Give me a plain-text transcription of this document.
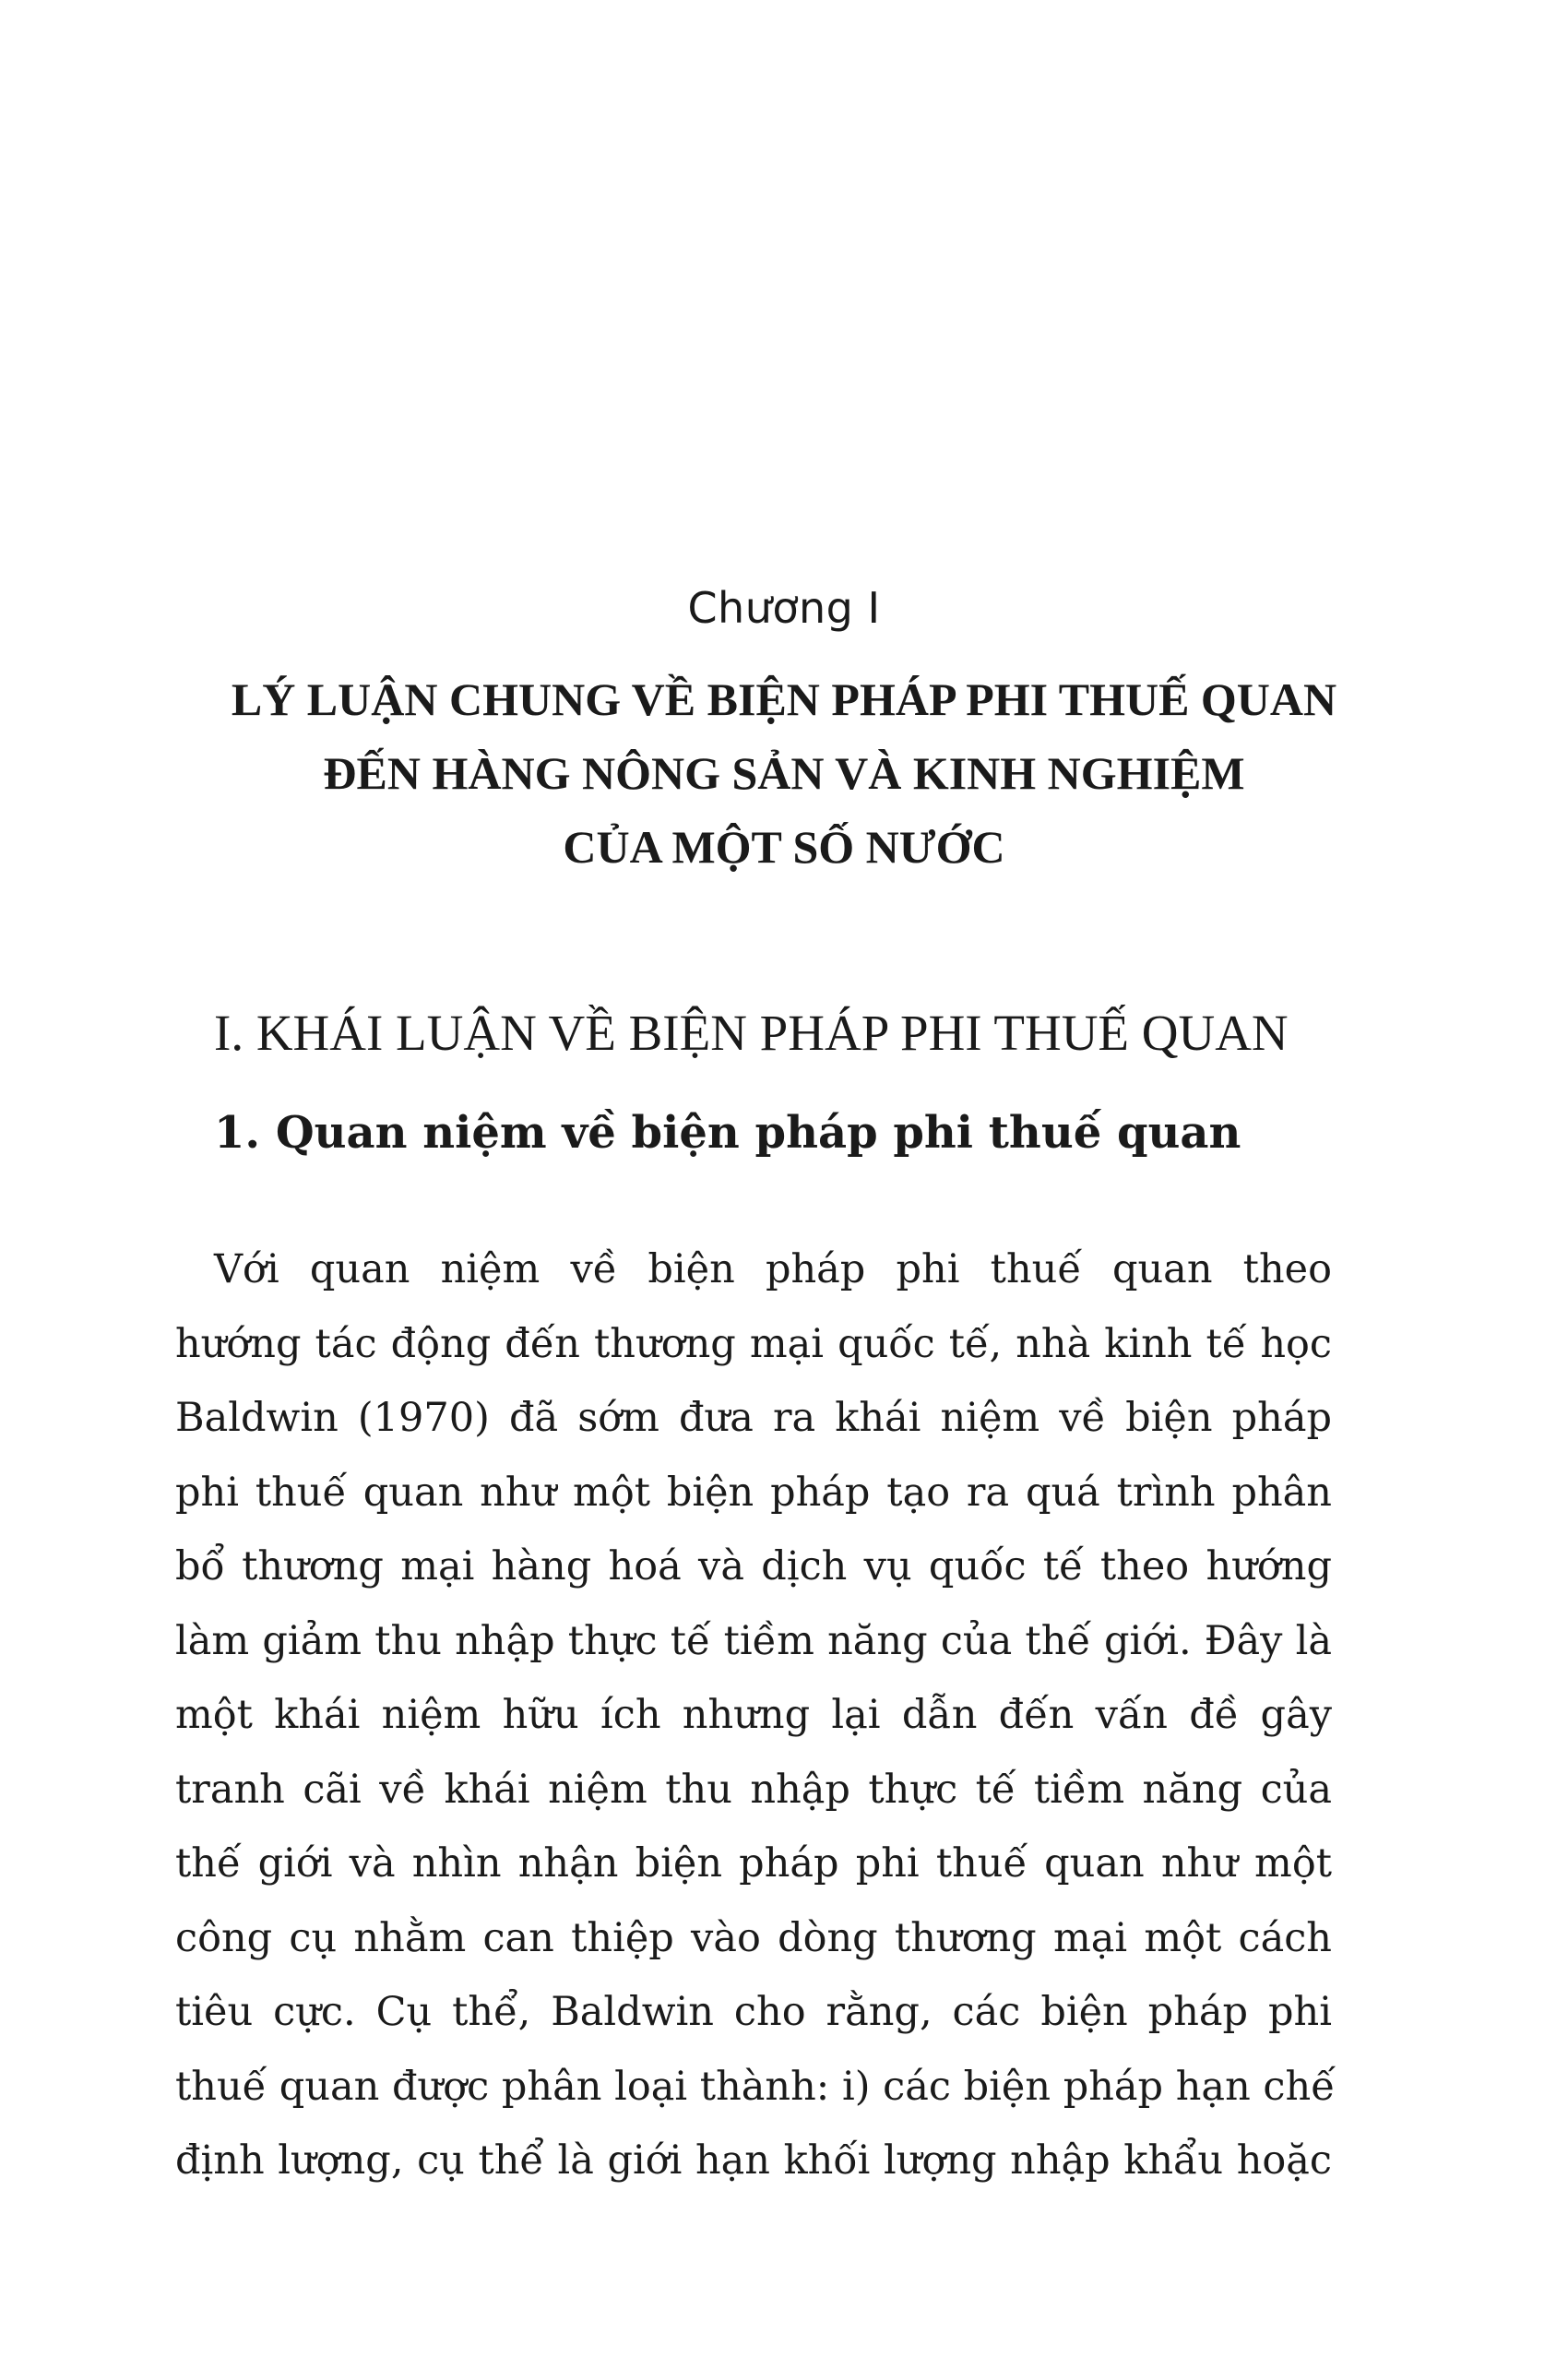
Chương I
LÝ LUẬN CHUNG VỀ BIỆN PHÁP PHI THUẾ QUAN
ĐẾN HÀNG NÔNG SẢN VÀ KINH NGHIỆM
CỦA MỘT SỐ NƯỚC
I. KHÁI LUẬN VỀ BIỆN PHÁP PHI THUẾ QUAN
1. Quan niệm về biện pháp phi thuế quan
Với quan niệm về biện pháp phi thuế quan theo
hướng tác động đến thương mại quốc tế, nhà kinh tế học
Baldwin (1970) đã sớm đưa ra khái niệm về biện pháp
phi thuế quan như một biện pháp tạo ra quá trình phân
bổ thương mại hàng hoá và dịch vụ quốc tế theo hướng
làm giảm thu nhập thực tế tiềm năng của thế giới. Đây là
một khái niệm hữu ích nhưng lại dẫn đến vấn đề gây
tranh cãi về khái niệm thu nhập thực tế tiềm năng của
thế giới và nhìn nhận biện pháp phi thuế quan như một
công cụ nhằm can thiệp vào dòng thương mại một cách
tiêu cực. Cụ thể, Baldwin cho rằng, các biện pháp phi
thuế quan được phân loại thành: i) các biện pháp hạn chế
định lượng, cụ thể là giới hạn khối lượng nhập khẩu hoặc
